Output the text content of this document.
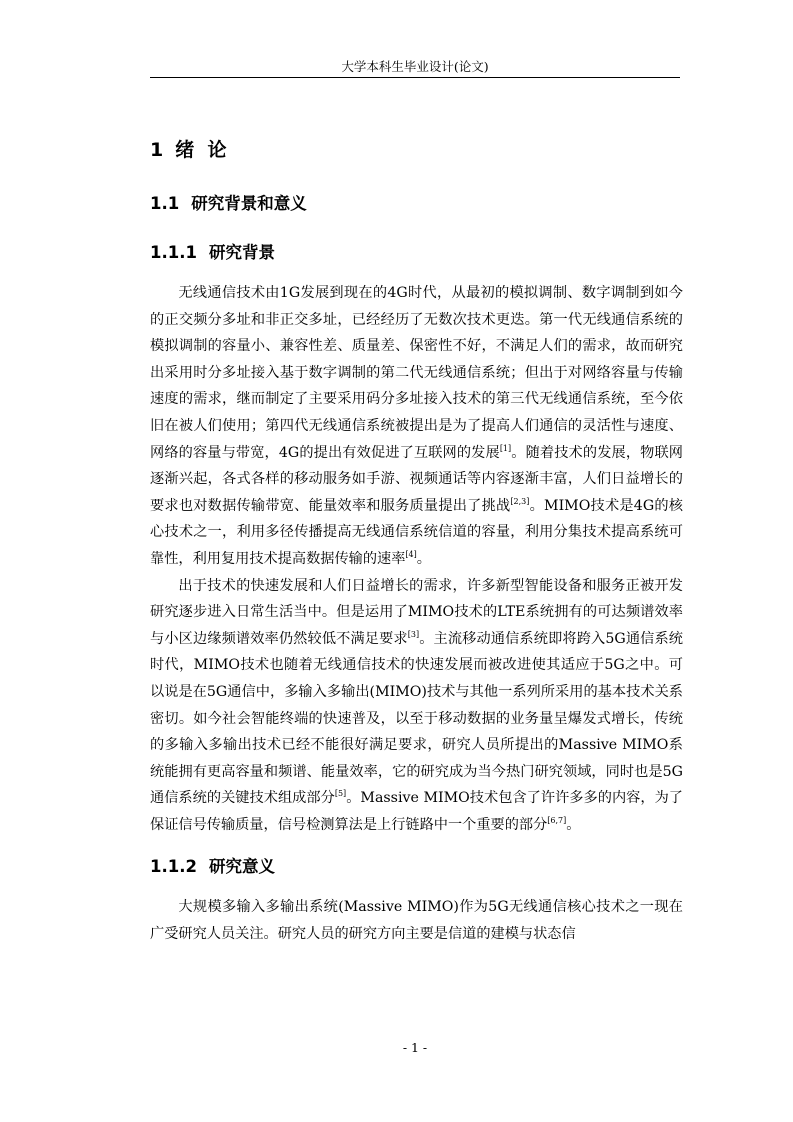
大学本科生毕业设计(论文)
1 绪  论
1.1 研究背景和意义
1.1.1 研究背景

无线通信技术由1G发展到现在的4G时代，从最初的模拟调制、数字调制到如今的正交频分多址和非正交多址，已经经历了无数次技术更迭。第一代无线通信系统的模拟调制的容量小、兼容性差、质量差、保密性不好，不满足人们的需求，故而研究出采用时分多址接入基于数字调制的第二代无线通信系统；但出于对网络容量与传输速度的需求，继而制定了主要采用码分多址接入技术的第三代无线通信系统，至今依旧在被人们使用；第四代无线通信系统被提出是为了提高人们通信的灵活性与速度、网络的容量与带宽，4G的提出有效促进了互联网的发展[1]。随着技术的发展，物联网逐渐兴起，各式各样的移动服务如手游、视频通话等内容逐渐丰富，人们日益增长的要求也对数据传输带宽、能量效率和服务质量提出了挑战[2,3]。MIMO技术是4G的核心技术之一，利用多径传播提高无线通信系统信道的容量，利用分集技术提高系统可靠性，利用复用技术提高数据传输的速率[4]。

出于技术的快速发展和人们日益增长的需求，许多新型智能设备和服务正被开发研究逐步进入日常生活当中。但是运用了MIMO技术的LTE系统拥有的可达频谱效率与小区边缘频谱效率仍然较低不满足要求[3]。主流移动通信系统即将跨入5G通信系统时代，MIMO技术也随着无线通信技术的快速发展而被改进使其适应于5G之中。可以说是在5G通信中，多输入多输出(MIMO)技术与其他一系列所采用的基本技术关系密切。如今社会智能终端的快速普及，以至于移动数据的业务量呈爆发式增长，传统的多输入多输出技术已经不能很好满足要求，研究人员所提出的Massive MIMO系统能拥有更高容量和频谱、能量效率，它的研究成为当今热门研究领域，同时也是5G通信系统的关键技术组成部分[5]。Massive MIMO技术包含了许许多多的内容，为了保证信号传输质量，信号检测算法是上行链路中一个重要的部分[6,7]。

1.1.2 研究意义

大规模多输入多输出系统(Massive MIMO)作为5G无线通信核心技术之一现在广受研究人员关注。研究人员的研究方向主要是信道的建模与状态信

- 1 -
